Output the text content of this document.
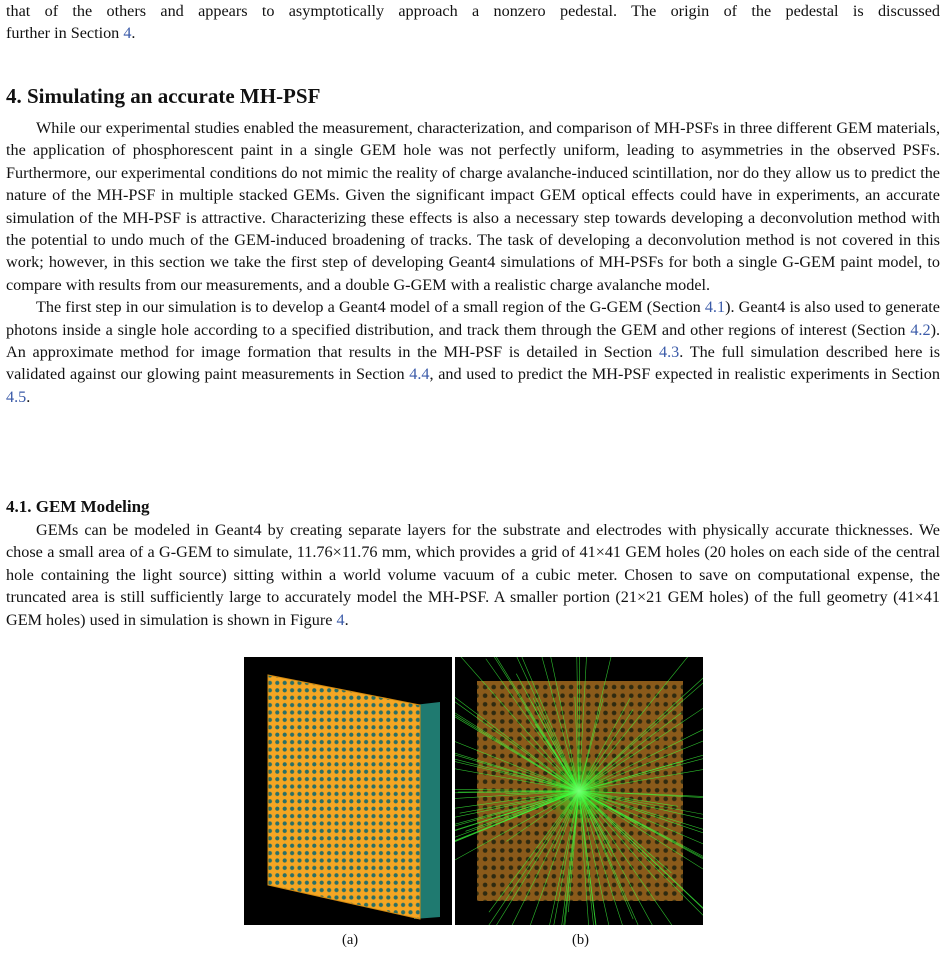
that of the others and appears to asymptotically approach a nonzero pedestal. The origin of the pedestal is discussed

further in Section 4.

4. Simulating an accurate MH-PSF

While our experimental studies enabled the measurement, characterization, and comparison of MH-PSFs in three different GEM materials, the application of phosphorescent paint in a single GEM hole was not perfectly uniform, leading to asymmetries in the observed PSFs. Furthermore, our experimental conditions do not mimic the reality of charge avalanche-induced scintillation, nor do they allow us to predict the nature of the MH-PSF in multiple stacked GEMs. Given the significant impact GEM optical effects could have in experiments, an accurate simulation of the MH-PSF is attractive. Characterizing these effects is also a necessary step towards developing a deconvolution method with the potential to undo much of the GEM-induced broadening of tracks. The task of developing a deconvolution method is not covered in this work; however, in this section we take the first step of developing Geant4 simulations of MH-PSFs for both a single G-GEM paint model, to compare with results from our measurements, and a double G-GEM with a realistic charge avalanche model.

The first step in our simulation is to develop a Geant4 model of a small region of the G-GEM (Section 4.1). Geant4 is also used to generate photons inside a single hole according to a specified distribution, and track them through the GEM and other regions of interest (Section 4.2). An approximate method for image formation that results in the MH-PSF is detailed in Section 4.3. The full simulation described here is validated against our glowing paint measurements in Section 4.4, and used to predict the MH-PSF expected in realistic experiments in Section 4.5.

4.1. GEM Modeling

GEMs can be modeled in Geant4 by creating separate layers for the substrate and electrodes with physically accurate thicknesses. We chose a small area of a G-GEM to simulate, 11.76×11.76 mm, which provides a grid of 41×41 GEM holes (20 holes on each side of the central hole containing the light source) sitting within a world volume vacuum of a cubic meter. Chosen to save on computational expense, the truncated area is still sufficiently large to accurately model the MH-PSF. A smaller portion (21×21 GEM holes) of the full geometry (41×41 GEM holes) used in simulation is shown in Figure 4.

(a)	(b)
